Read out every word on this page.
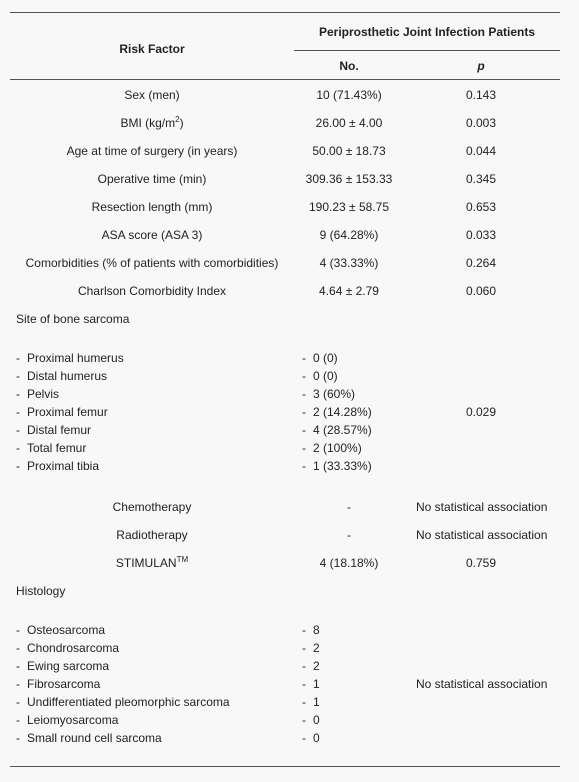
Risk Factor
Periprosthetic Joint Infection Patients
No.	p
Sex (men)	10 (71.43%)	0.143
BMI $(kg/m^2)$	26.00 ± 4.00	0.003
Age at time of surgery (in years)	50.00 ± 18.73	0.044
Operative time (min)	309.36 ± 153.33	0.345
Resection length (mm)	190.23 ± 58.75	0.653
ASA score (ASA 3)	9 (64.28%)	0.033
Comorbidities (% of patients with comorbidities)	4 (33.33%)	0.264
Charlson Comorbidity Index	4.64 ± 2.79	0.060
Site of bone sarcoma
- Proximal humerus	- 0 (0)
- Distal humerus	- 0 (0)
- Pelvis	- 3 (60%)
- Proximal femur	- 2 (14.28%)
- Distal femur	- 4 (28.57%)
- Total femur	- 2 (100%)
- Proximal tibia	- 1 (33.33%)
0.029
Chemotherapy	-	No statistical association
Radiotherapy	-	No statistical association
STIMULAN™	4 (18.18%)	0.759
Histology
- Osteosarcoma	- 8
- Chondrosarcoma	- 2
- Ewing sarcoma	- 2
- Fibrosarcoma	- 1
- Undifferentiated pleomorphic sarcoma	- 1
- Leiomyosarcoma	- 0
- Small round cell sarcoma	- 0
No statistical association
